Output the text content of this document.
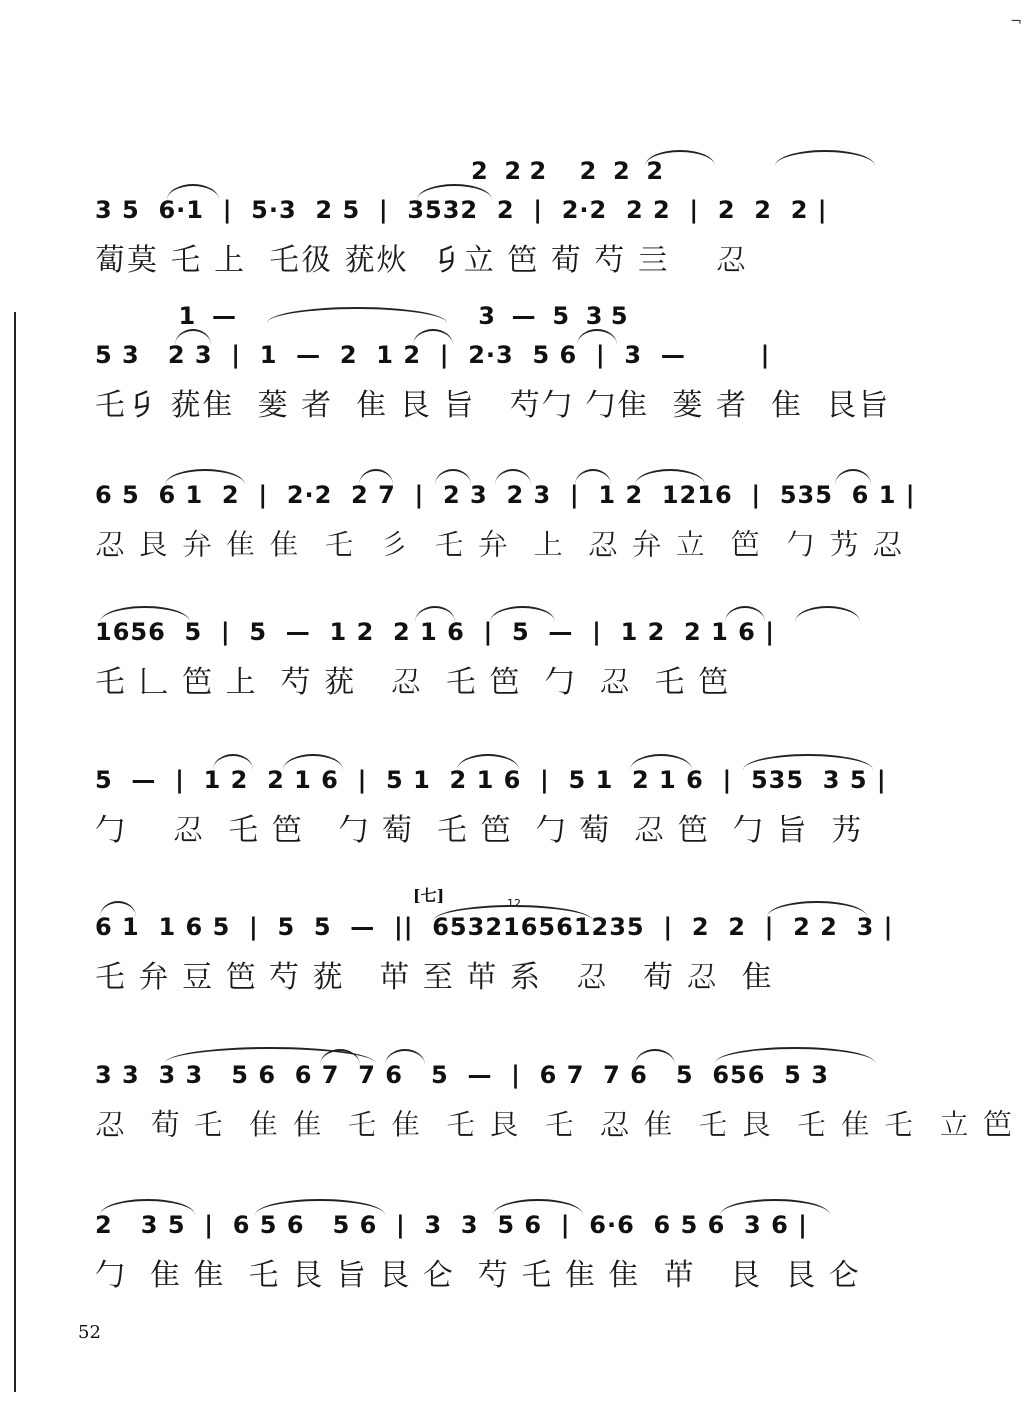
¬
2  2 2    2  2  2
3 5  6·1  |  5·3  2 5  |  3532  2  |  2·2  2 2  |  2  2  2 |
蔔莫 乇 上  乇彶 莸炏  𠂎立 笆 荀 芍 亖    𢖫
1  —                             3  —  5  3 5
5 3   2 3  |  1  —  2  1 2  |  2·3  5 6  |  3  —        |
乇𠂎 莸隹  蓌 者  隹 艮 旨   芍勹 勹隹  蓌 者  隹  艮旨
6 5  6 1  2  |  2·2  2 7  |  2 3  2 3  |  1 2  1216  |  535  6 1 |
𢖫 艮 弁 隹 隹  乇  彡  乇 弁  上  𢖫 弁 立  笆  勹 艿 𢖫
1656  5  |  5  —  1 2  2 1 6  |  5  —  |  1 2  2 1 6 |
乇 𠃊 笆 上  芍 莸   𢖫  乇 笆  勹  𢖫  乇 笆
5  —  |  1 2  2 1 6  |  5 1  2 1 6  |  5 1  2 1 6  |  535  3 5 |
勹    𢖫  乇 笆   勹 萄  乇 笆  勹 萄  𢖫 笆  勹 旨  艿
[七]	12
6 1  1 6 5  |  5  5  —  ||  653216561235  |  2  2  |  2 2  3 |
乇 弁 豆 笆 芍 莸   𦬕 至 𦬕 系   𢖫   荀 𢖫  隹
3 3  3 3   5 6  6 7  7 6   5  —  |  6 7  7 6   5  656  5 3
𢖫  荀 乇  隹 隹  乇 隹  乇 艮  乇  𢖫 隹  乇 艮  乇 隹 乇  立 笆
2   3 5  |  6 5 6   5 6  |  3  3  5 6  |  6·6  6 5 6  3 6 |
勹  隹 隹  乇 艮 旨 艮 仑  芍 乇 隹 隹  𦬕   艮  艮 仑
52
